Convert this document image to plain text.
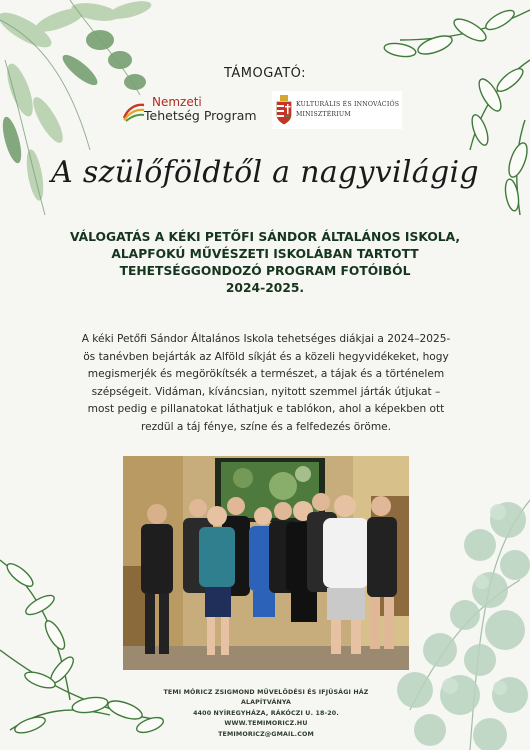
TÁMOGATÓ:
Nemzeti
Tehetség Program
KULTURÁLIS ÉS INNOVÁCIÓS
MINISZTÉRIUM
A szülőföldtől a nagyvilágig
VÁLOGATÁS A KÉKI PETŐFI SÁNDOR ÁLTALÁNOS ISKOLA,
ALAPFOKÚ MŰVÉSZETI ISKOLÁBAN TARTOTT
TEHETSÉGGONDOZÓ PROGRAM FOTÓIBÓL
2024-2025.
A kéki Petőfi Sándor Általános Iskola tehetséges diákjai a 2024–2025-ös tanévben bejárták az Alföld síkját és a közeli hegyvidékeket, hogy megismerjék és megörökítsék a természet, a tájak és a történelem szépségeit. Vidáman, kíváncsian, nyitott szemmel járták útjukat – most pedig e pillanatokat láthatjuk e tablókon, ahol a képekben ott rezdül a táj fénye, színe és a felfedezés öröme.
TEMI MÓRICZ ZSIGMOND MŰVELŐDÉSI ÉS IFJÚSÁGI HÁZ
ALAPÍTVÁNYA
4400 NYÍREGYHÁZA, RÁKÓCZI U. 18-20.
WWW.TEMIMORICZ.HU
TEMIMORICZ@GMAIL.COM
